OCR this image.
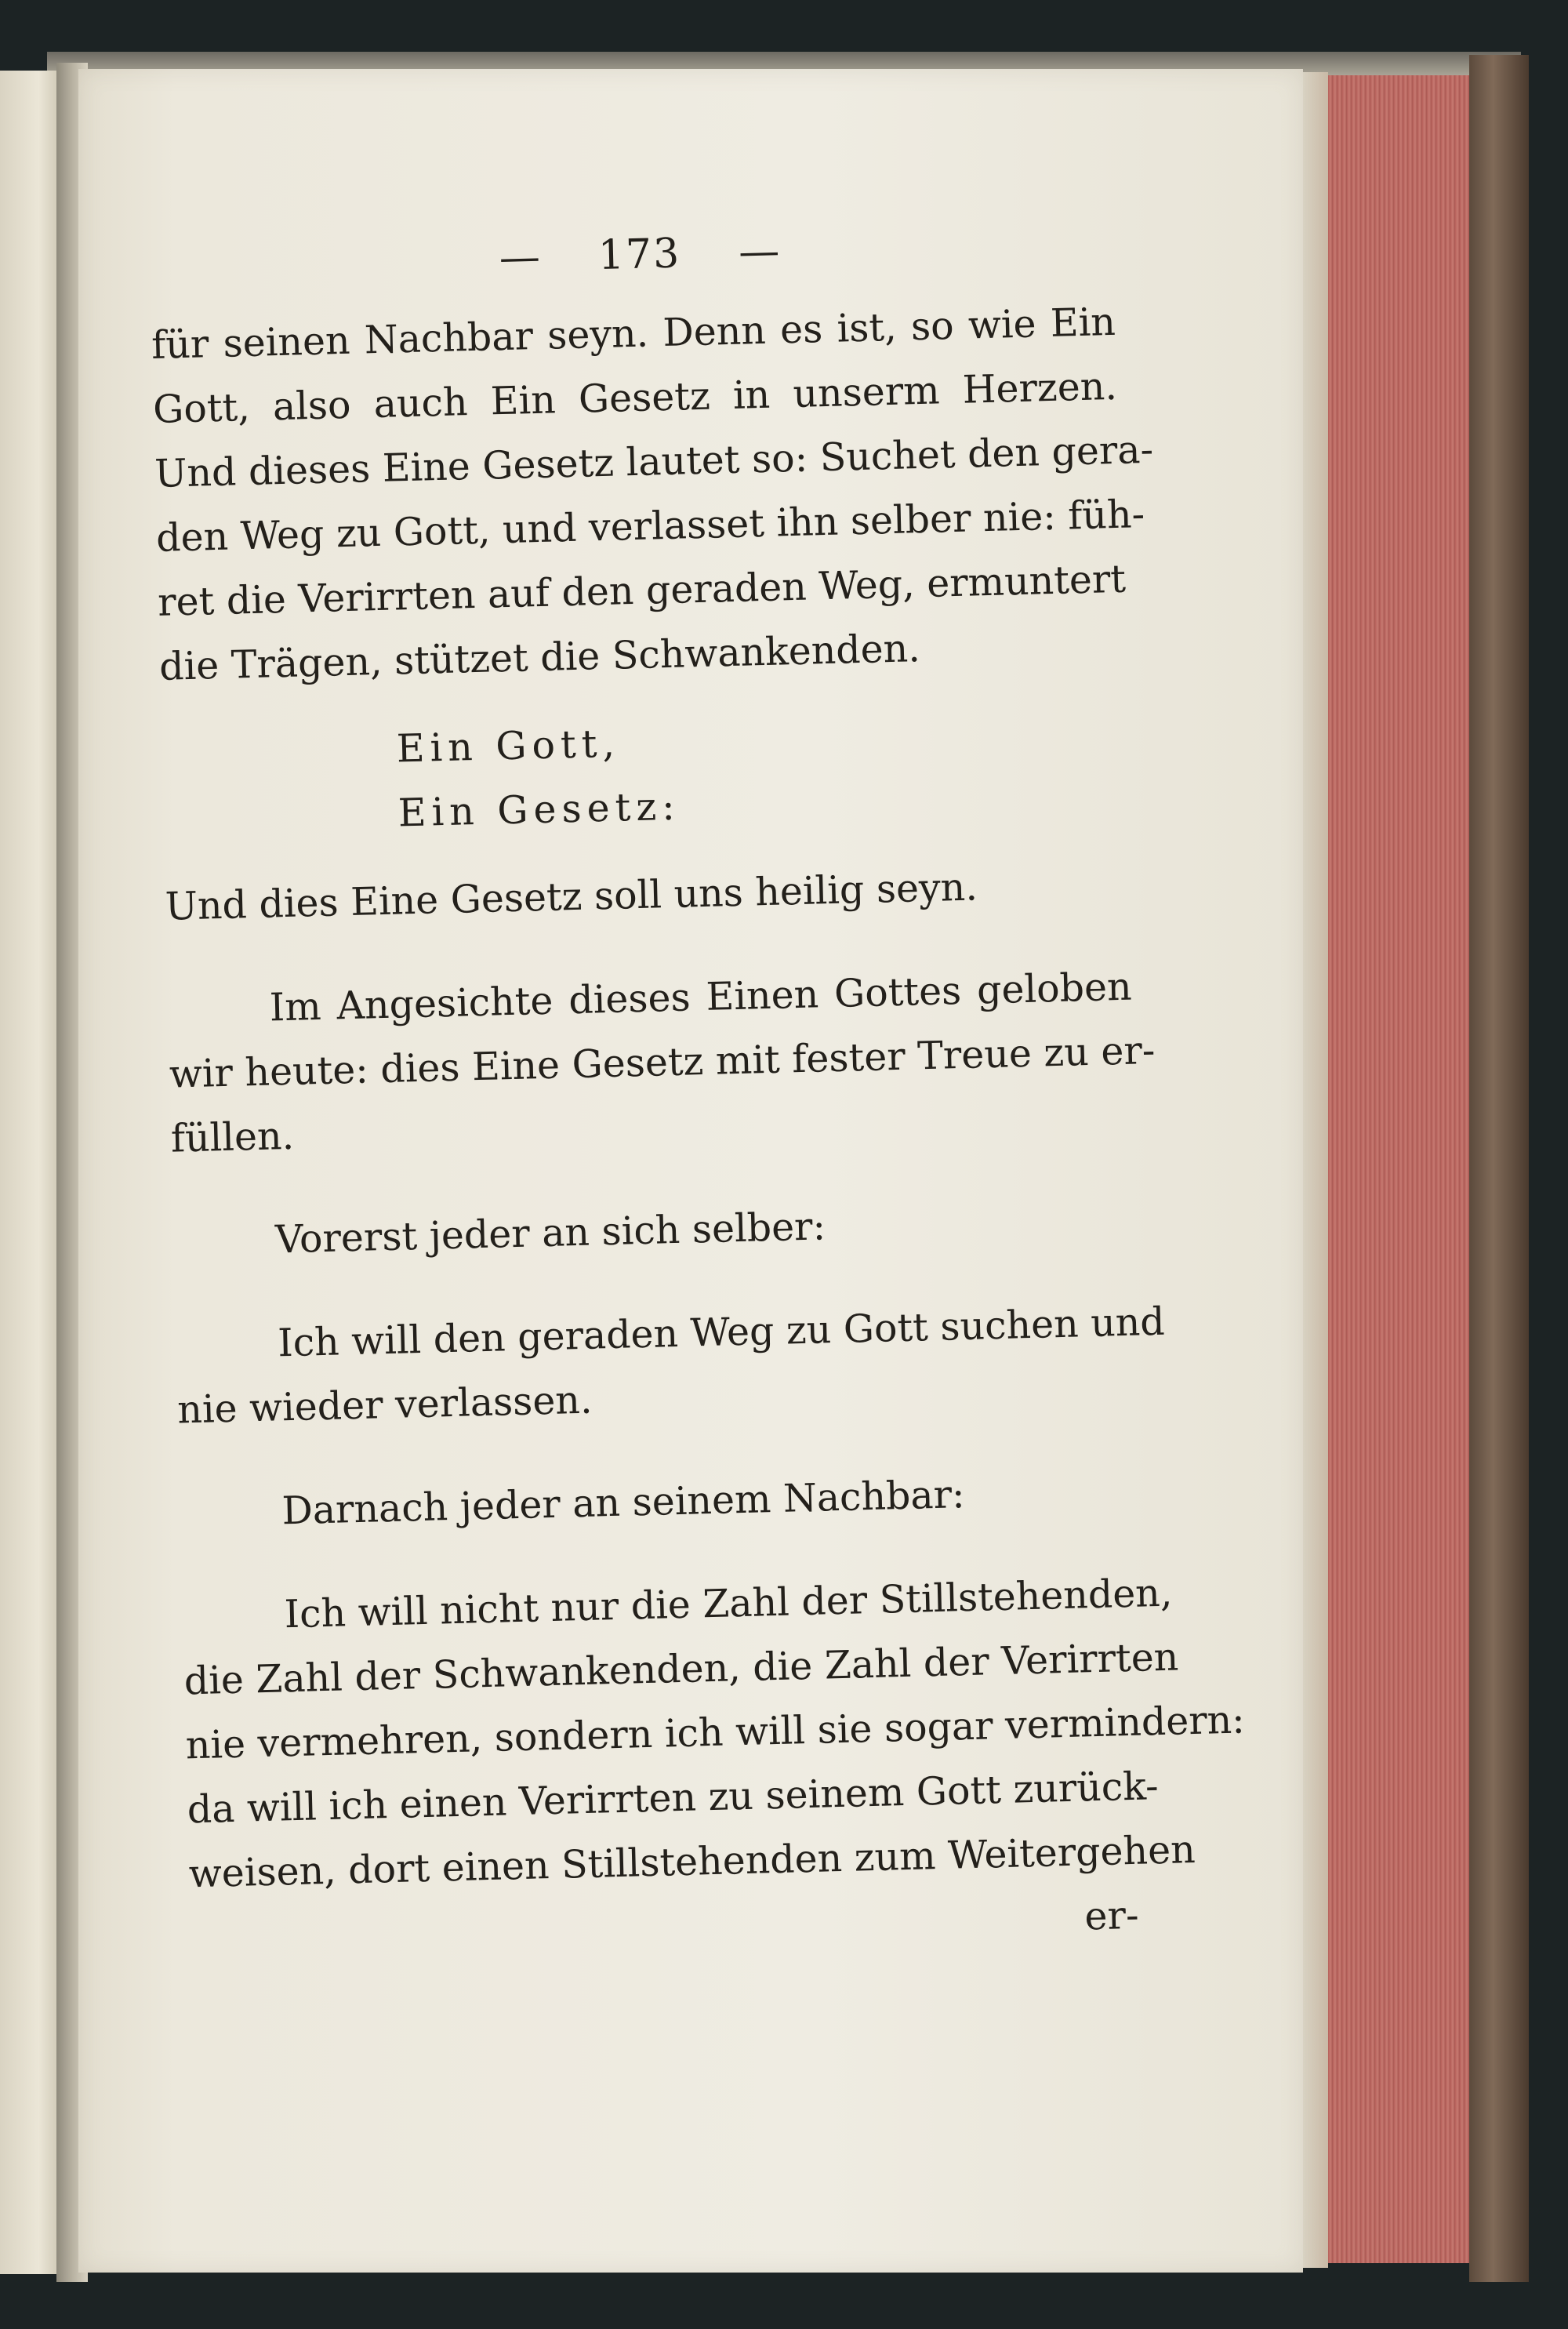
— 173 —
für seinen Nachbar seyn. Denn es ist, so wie Ein
Gott, also auch Ein Gesetz in unserm Herzen.
Und dieses Eine Gesetz lautet so: Suchet den gera-
den Weg zu Gott, und verlasset ihn selber nie: füh-
ret die Verirrten auf den geraden Weg, ermuntert
die Trägen, stützet die Schwankenden.
Ein Gott,
Ein Gesetz:
Und dies Eine Gesetz soll uns heilig seyn.
Im Angesichte dieses Einen Gottes geloben
wir heute: dies Eine Gesetz mit fester Treue zu er-
füllen.
Vorerst jeder an sich selber:
Ich will den geraden Weg zu Gott suchen und
nie wieder verlassen.
Darnach jeder an seinem Nachbar:
Ich will nicht nur die Zahl der Stillstehenden,
die Zahl der Schwankenden, die Zahl der Verirrten
nie vermehren, sondern ich will sie sogar vermindern:
da will ich einen Verirrten zu seinem Gott zurück-
weisen, dort einen Stillstehenden zum Weitergehen
er-
